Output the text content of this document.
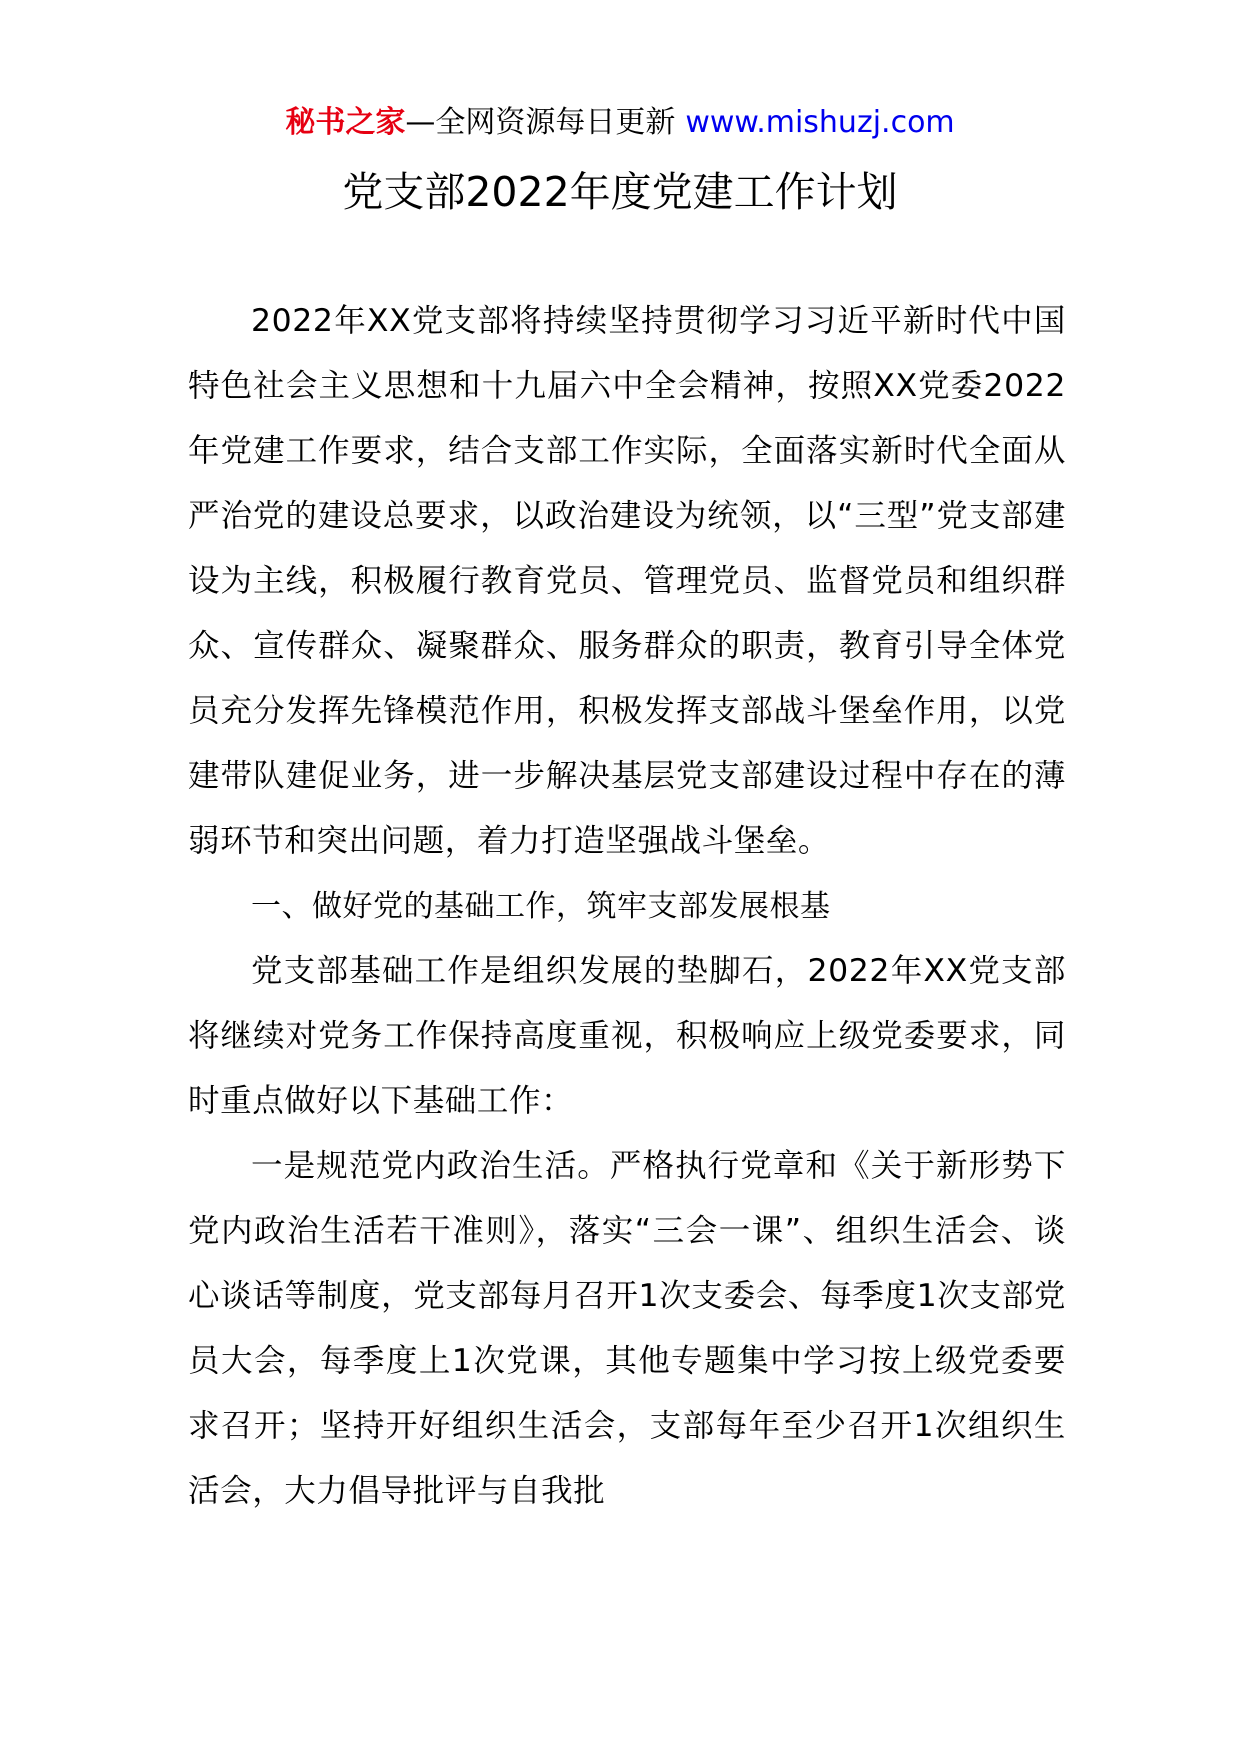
秘书之家—全网资源每日更新 www.mishuzj.com
党支部2022年度党建工作计划

2022年XX党支部将持续坚持贯彻学习习近平新时代中国特色社会主义思想和十九届六中全会精神，按照XX党委2022年党建工作要求，结合支部工作实际，全面落实新时代全面从严治党的建设总要求，以政治建设为统领，以“三型”党支部建设为主线，积极履行教育党员、管理党员、监督党员和组织群众、宣传群众、凝聚群众、服务群众的职责，教育引导全体党员充分发挥先锋模范作用，积极发挥支部战斗堡垒作用，以党建带队建促业务，进一步解决基层党支部建设过程中存在的薄弱环节和突出问题，着力打造坚强战斗堡垒。

一、做好党的基础工作，筑牢支部发展根基

党支部基础工作是组织发展的垫脚石，2022年XX党支部将继续对党务工作保持高度重视，积极响应上级党委要求，同时重点做好以下基础工作：

一是规范党内政治生活。严格执行党章和《关于新形势下党内政治生活若干准则》，落实“三会一课”、组织生活会、谈心谈话等制度，党支部每月召开1次支委会、每季度1次支部党员大会，每季度上1次党课，其他专题集中学习按上级党委要求召开；坚持开好组织生活会，支部每年至少召开1次组织生活会，大力倡导批评与自我批
